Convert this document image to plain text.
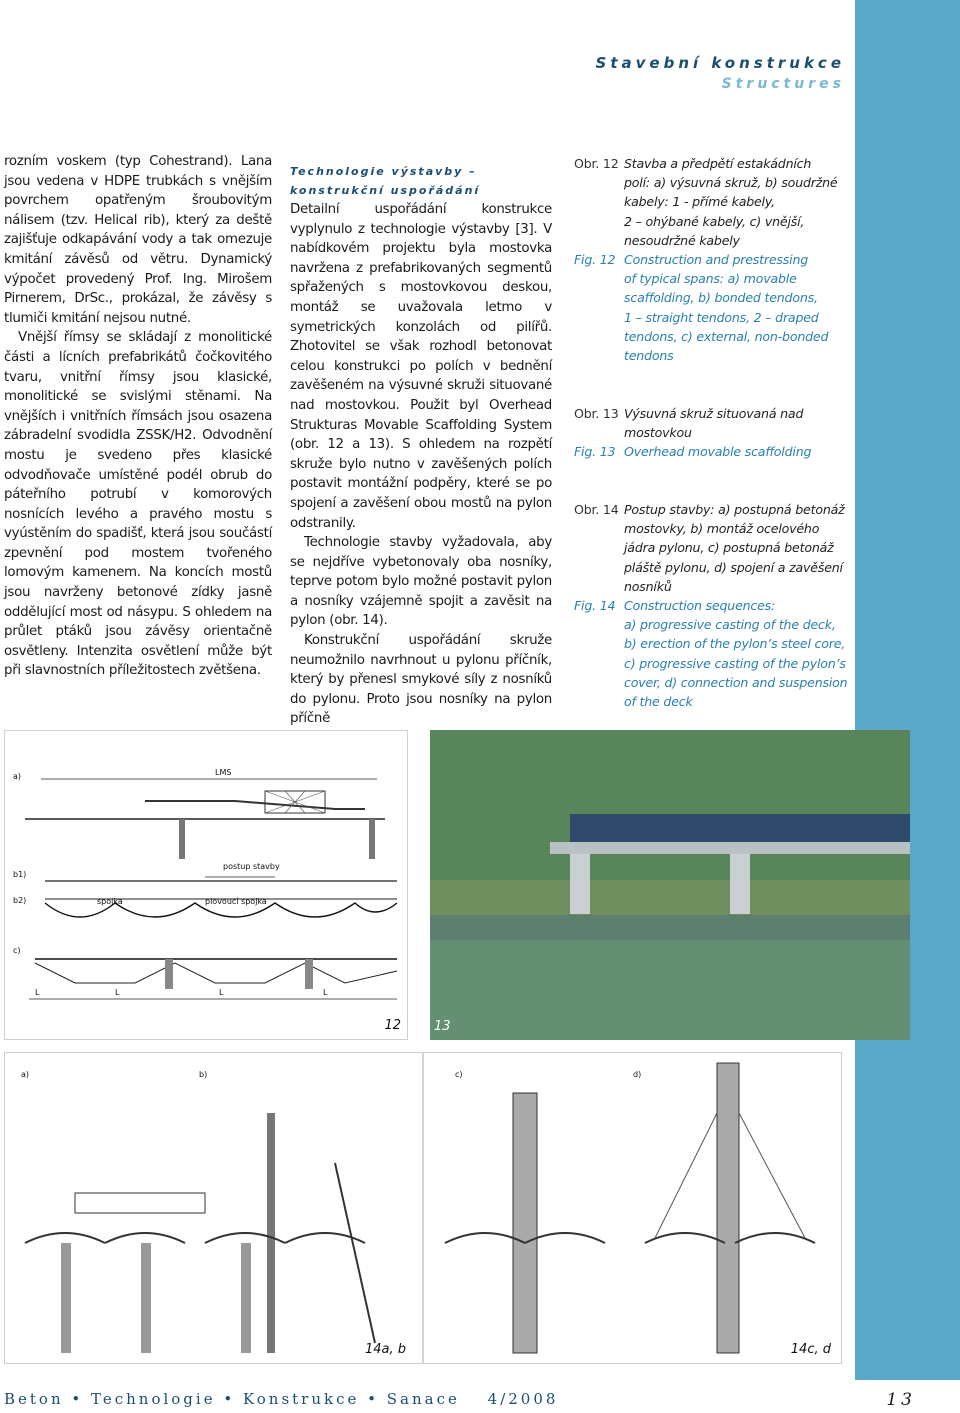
Stavební konstrukce
Structures

rozním voskem (typ Cohestrand). Lana jsou vedena v HDPE trubkách s vnějším povrchem opatřeným šroubovitým nálisem (tzv. Helical rib), který za deště zajišťuje odkapávání vody a tak omezuje kmitání závěsů od větru. Dynamický výpočet provedený Prof. Ing. Mirošem Pirnerem, DrSc., prokázal, že závěsy s tlumiči kmitání nejsou nutné.

Vnější římsy se skládají z monolitické části a lícních prefabrikátů čočkovitého tvaru, vnitřní římsy jsou klasické, monolitické se svislými stěnami. Na vnějších i vnitřních římsách jsou osazena zábradelní svodidla ZSSK/H2. Odvodnění mostu je svedeno přes klasické odvodňovače umístěné podél obrub do páteřního potrubí v komorových nosnících levého a pravého mostu s vyústěním do spadišť, která jsou součástí zpevnění pod mostem tvořeného lomovým kamenem. Na koncích mostů jsou navrženy betonové zídky jasně oddělující most od násypu. S ohledem na průlet ptáků jsou závěsy orientačně osvětleny. Intenzita osvětlení může být při slavnostních příležitostech zvětšena.

Technologie výstavby –
konstrukční uspořádání

Detailní uspořádání konstrukce vyplynulo z technologie výstavby [3]. V nabídkovém projektu byla mostovka navržena z prefabrikovaných segmentů spřažených s mostovkovou deskou, montáž se uvažovala letmo v symetrických konzolách od pilířů. Zhotovitel se však rozhodl betonovat celou konstrukci po polích v bednění zavěšeném na výsuvné skruži situované nad mostovkou. Použit byl Overhead Strukturas Movable Scaffolding System (obr. 12 a 13). S ohledem na rozpětí skruže bylo nutno v zavěšených polích postavit montážní podpěry, které se po spojení a zavěšení obou mostů na pylon odstranily.

Technologie stavby vyžadovala, aby se nejdříve vybetonovaly oba nosníky, teprve potom bylo možné postavit pylon a nosníky vzájemně spojit a zavěsit na pylon (obr. 14).

Konstrukční uspořádání skruže neumožnilo navrhnout u pylonu příčník, který by přenesl smykové síly z nosníků do pylonu. Proto jsou nosníky na pylon příčně

Obr. 12 Stavba a předpětí estakádních
polí: a) výsuvná skruž, b) soudržné
kabely: 1 - přímé kabely,
2 – ohýbané kabely, c) vnější,
nesoudržné kabely
Fig. 12 Construction and prestressing
of typical spans: a) movable
scaffolding, b) bonded tendons,
1 – straight tendons, 2 – draped
tendons, c) external, non-bonded
tendons
Obr. 13 Výsuvná skruž situovaná nad
mostovkou
Fig. 13 Overhead movable scaffolding
Obr. 14 Postup stavby: a) postupná betonáž
mostovky, b) montáž ocelového
jádra pylonu, c) postupná betonáž
pláště pylonu, d) spojení a zavěšení
nosníků
Fig. 14 Construction sequences:
a) progressive casting of the deck,
b) erection of the pylon’s steel core,
c) progressive casting of the pylon’s
cover, d) connection and suspension
of the deck
a)	LMS
b1)
postup stavby
b2)	spojka	plovoucí spojka
c)
L	L	L	L
12	13
a)	b)	c)	d)
14a, b	14c, d
Beton • Technologie • Konstrukce • Sanace 4/2008	13
